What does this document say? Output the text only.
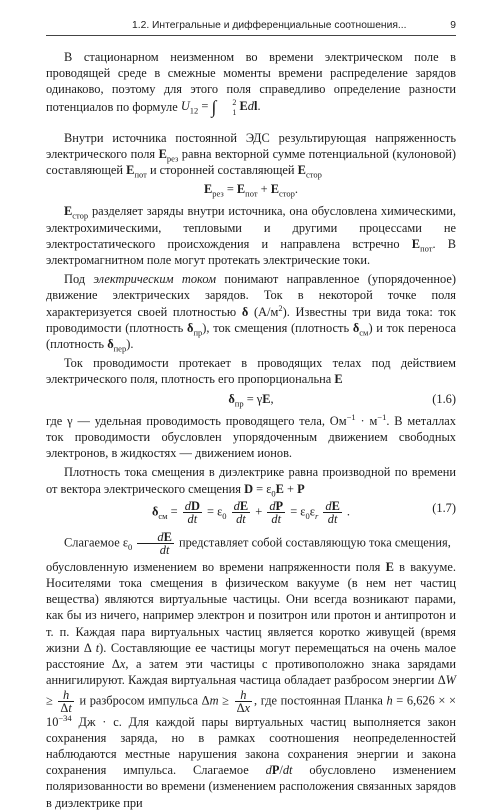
1.2. Интегральные и дифференциальные соотношения...	9

В стационарном неизменном во времени электрическом поле в проводящей среде в смежные моменты времени распределение зарядов одинаково, поэтому для этого поля справедливо определение разности потенциалов по формуле $U_{12}$ = ∫	2
1 Edl.

Внутри источника постоянной ЭДС результирующая напряженность электрического поля $E_{рез}$ равна векторной сумме потенциальной (кулоновой) составляющей $E_{пот}$ и сторонней составляющей $E_{стор}$

$E_{рез} = E_{пот} + E_{стор}$.

$E_{стор}$ разделяет заряды внутри источника, она обусловлена химическими, электрохимическими, тепловыми и другими процессами не электростатического происхождения и направлена встречно $E_{пот}$. В электромагнитном поле могут протекать электрические токи.

Под электрическим током понимают направленное (упорядоченное) движение электрических зарядов. Ток в некоторой точке поля характеризуется своей плотностью δ $(А/м^2)$. Известны три вида тока: ток проводимости (плотность $\delta_{пр}$), ток смещения (плотность $\delta_{см}$) и ток переноса (плотность $\delta_{пер}$).

Ток проводимости протекает в проводящих телах под действием электрического поля, плотность его пропорциональна E

$\delta_{пр} = \gamma E$,	(1.6)

где γ — удельная проводимость проводящего тела, $Ом^{-1} \cdot м^{-1}$. В металлах ток проводимости обусловлен упорядоченным движением свободных электронов, в жидкостях — движением ионов.

Плотность тока смещения в диэлектрике равна производной по времени от вектора электрического смещения $D = \varepsilon_0E + P$

$\delta_{см} = \frac{dD}{dt} = \varepsilon_0 \frac{dE}{dt} + \frac{dP}{dt} = \varepsilon_0\varepsilon_r \frac{dE}{dt}$ .	(1.7)

Слагаемое $\varepsilon_0 \frac{dE}{dt}$ представляет собой составляющую тока смещения,

обусловленную изменением во времени напряженности поля E в вакууме. Носителями тока смещения в физическом вакууме (в нем нет частиц вещества) являются виртуальные частицы. Они всегда возникают парами, как бы из ничего, например электрон и позитрон или протон и антипротон и т. п. Каждая пара виртуальных частиц является коротко живущей (время жизни Δ t). Составляющие ее частицы могут перемещаться на очень малое расстояние Δx, а затем эти частицы с противоположно знака зарядами аннигилируют. Каждая виртуальная частица обладает разбросом энергии $\Delta W \ge \frac{h}{\Delta t}$ и разбросом импульса $\Delta m \ge \frac{h}{\Delta x}$ , где постоянная Планка h = 6,626 × × $10^{-34}$ Дж · с. Для каждой пары виртуальных частиц выполняется закон сохранения заряда, но в рамках соотношения неопределенностей наблюдаются местные нарушения закона сохранения энергии и закона сохранения импульса. Слагаемое dP/dt обусловлено изменением поляризованности во времени (изменением расположения связанных зарядов в диэлектрике при
